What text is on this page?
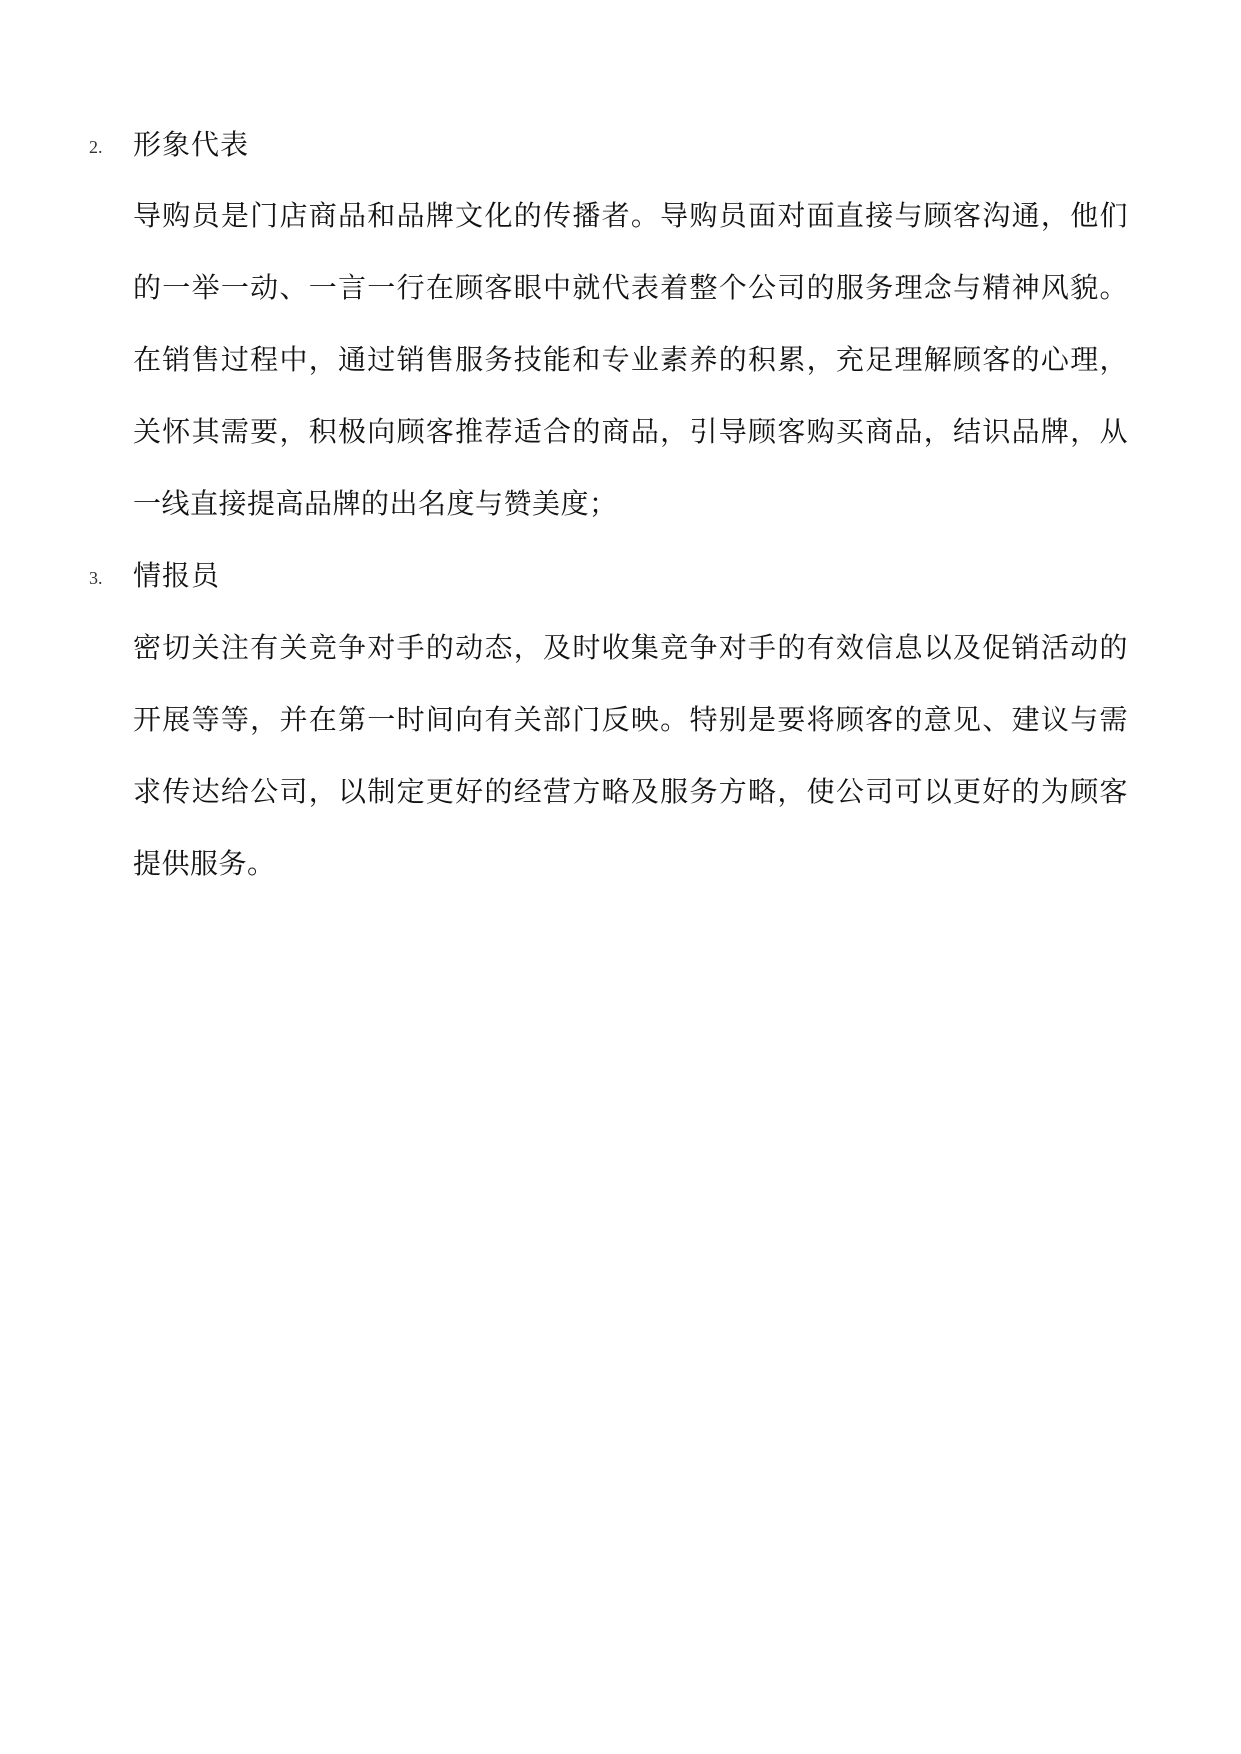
2. 形象代表
导购员是门店商品和品牌文化的传播者。导购员面对面直接与顾客沟通，他们的一举一动、一言一行在顾客眼中就代表着整个公司的服务理念与精神风貌。在销售过程中，通过销售服务技能和专业素养的积累，充足理解顾客的心理，关怀其需要，积极向顾客推荐适合的商品，引导顾客购买商品，结识品牌，从一线直接提高品牌的出名度与赞美度；
3. 情报员
密切关注有关竞争对手的动态，及时收集竞争对手的有效信息以及促销活动的开展等等，并在第一时间向有关部门反映。特别是要将顾客的意见、建议与需求传达给公司，以制定更好的经营方略及服务方略，使公司可以更好的为顾客提供服务。
